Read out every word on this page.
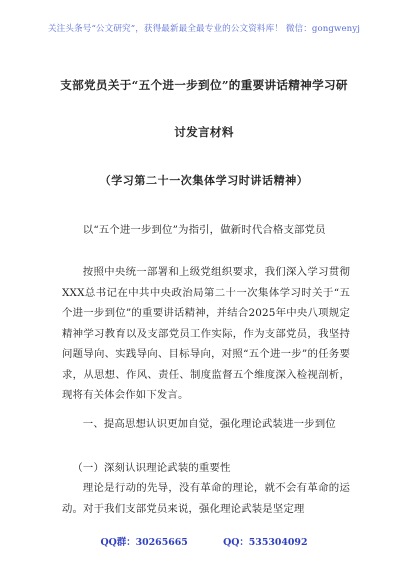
关注头条号“公文研究”，获得最新最全最专业的公文资料库！ 微信：gongwenyj
支部党员关于“五个进一步到位”的重要讲话精神学习研
讨发言材料
（学习第二十一次集体学习时讲话精神）
以“五个进一步到位”为指引，做新时代合格支部党员
按照中央统一部署和上级党组织要求，我们深入学习贯彻XXX总书记在中共中央政治局第二十一次集体学习时关于“五个进一步到位”的重要讲话精神，并结合2025年中央八项规定精神学习教育以及支部党员工作实际，作为支部党员，我坚持问题导向、实践导向、目标导向，对照“五个进一步”的任务要求，从思想、作风、责任、制度监督五个维度深入检视剖析，现将有关体会作如下发言。
一、提高思想认识更加自觉，强化理论武装进一步到位
（一）深刻认识理论武装的重要性
理论是行动的先导，没有革命的理论，就不会有革命的运动。对于我们支部党员来说，强化理论武装是坚定理
QQ群：30265665	QQ：535304092
